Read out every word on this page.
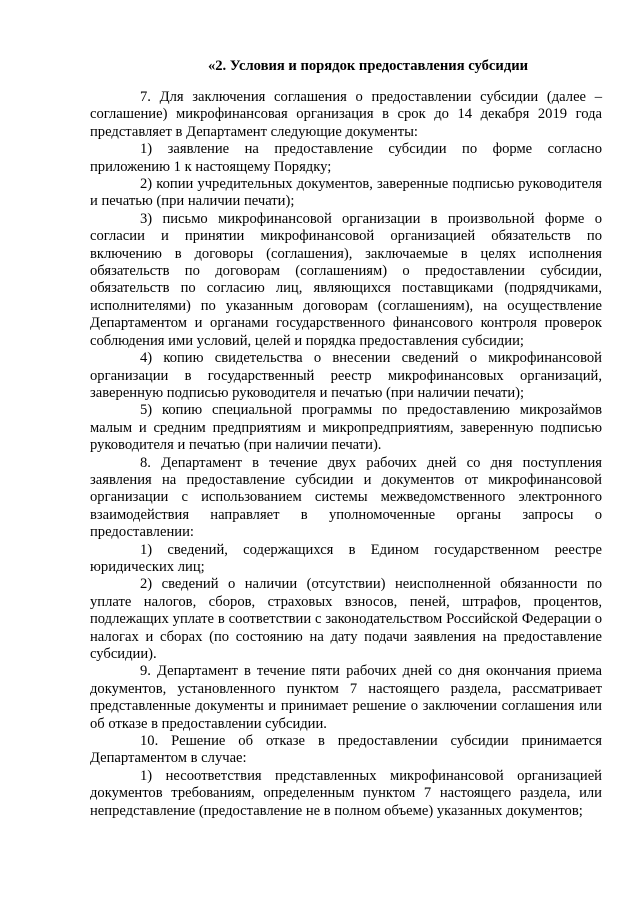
«2. Условия и порядок предоставления субсидии

7. Для заключения соглашения о предоставлении субсидии (далее – соглашение) микрофинансовая организация в срок до 14 декабря 2019 года представляет в Департамент следующие документы:

1) заявление на предоставление субсидии по форме согласно приложению 1 к настоящему Порядку;

2) копии учредительных документов, заверенные подписью руководителя и печатью (при наличии печати);

3) письмо микрофинансовой организации в произвольной форме о согласии и принятии микрофинансовой организацией обязательств по включению в договоры (соглашения), заключаемые в целях исполнения обязательств по договорам (соглашениям) о предоставлении субсидии, обязательств по согласию лиц, являющихся поставщиками (подрядчиками, исполнителями) по указанным договорам (соглашениям), на осуществление Департаментом и органами государственного финансового контроля проверок соблюдения ими условий, целей и порядка предоставления субсидии;

4) копию свидетельства о внесении сведений о микрофинансовой организации в государственный реестр микрофинансовых организаций, заверенную подписью руководителя и печатью (при наличии печати);

5) копию специальной программы по предоставлению микрозаймов малым и средним предприятиям и микропредприятиям, заверенную подписью руководителя и печатью (при наличии печати).

8. Департамент в течение двух рабочих дней со дня поступления заявления на предоставление субсидии и документов от микрофинансовой организации с использованием системы межведомственного электронного взаимодействия направляет в уполномоченные органы запросы о предоставлении:

1) сведений, содержащихся в Едином государственном реестре юридических лиц;

2) сведений о наличии (отсутствии) неисполненной обязанности по уплате налогов, сборов, страховых взносов, пеней, штрафов, процентов, подлежащих уплате в соответствии с законодательством Российской Федерации о налогах и сборах (по состоянию на дату подачи заявления на предоставление субсидии).

9. Департамент в течение пяти рабочих дней со дня окончания приема документов, установленного пунктом 7 настоящего раздела, рассматривает представленные документы и принимает решение о заключении соглашения или об отказе в предоставлении субсидии.

10. Решение об отказе в предоставлении субсидии принимается Департаментом в случае:

1) несоответствия представленных микрофинансовой организацией документов требованиям, определенным пунктом 7 настоящего раздела, или непредставление (предоставление не в полном объеме) указанных документов;
